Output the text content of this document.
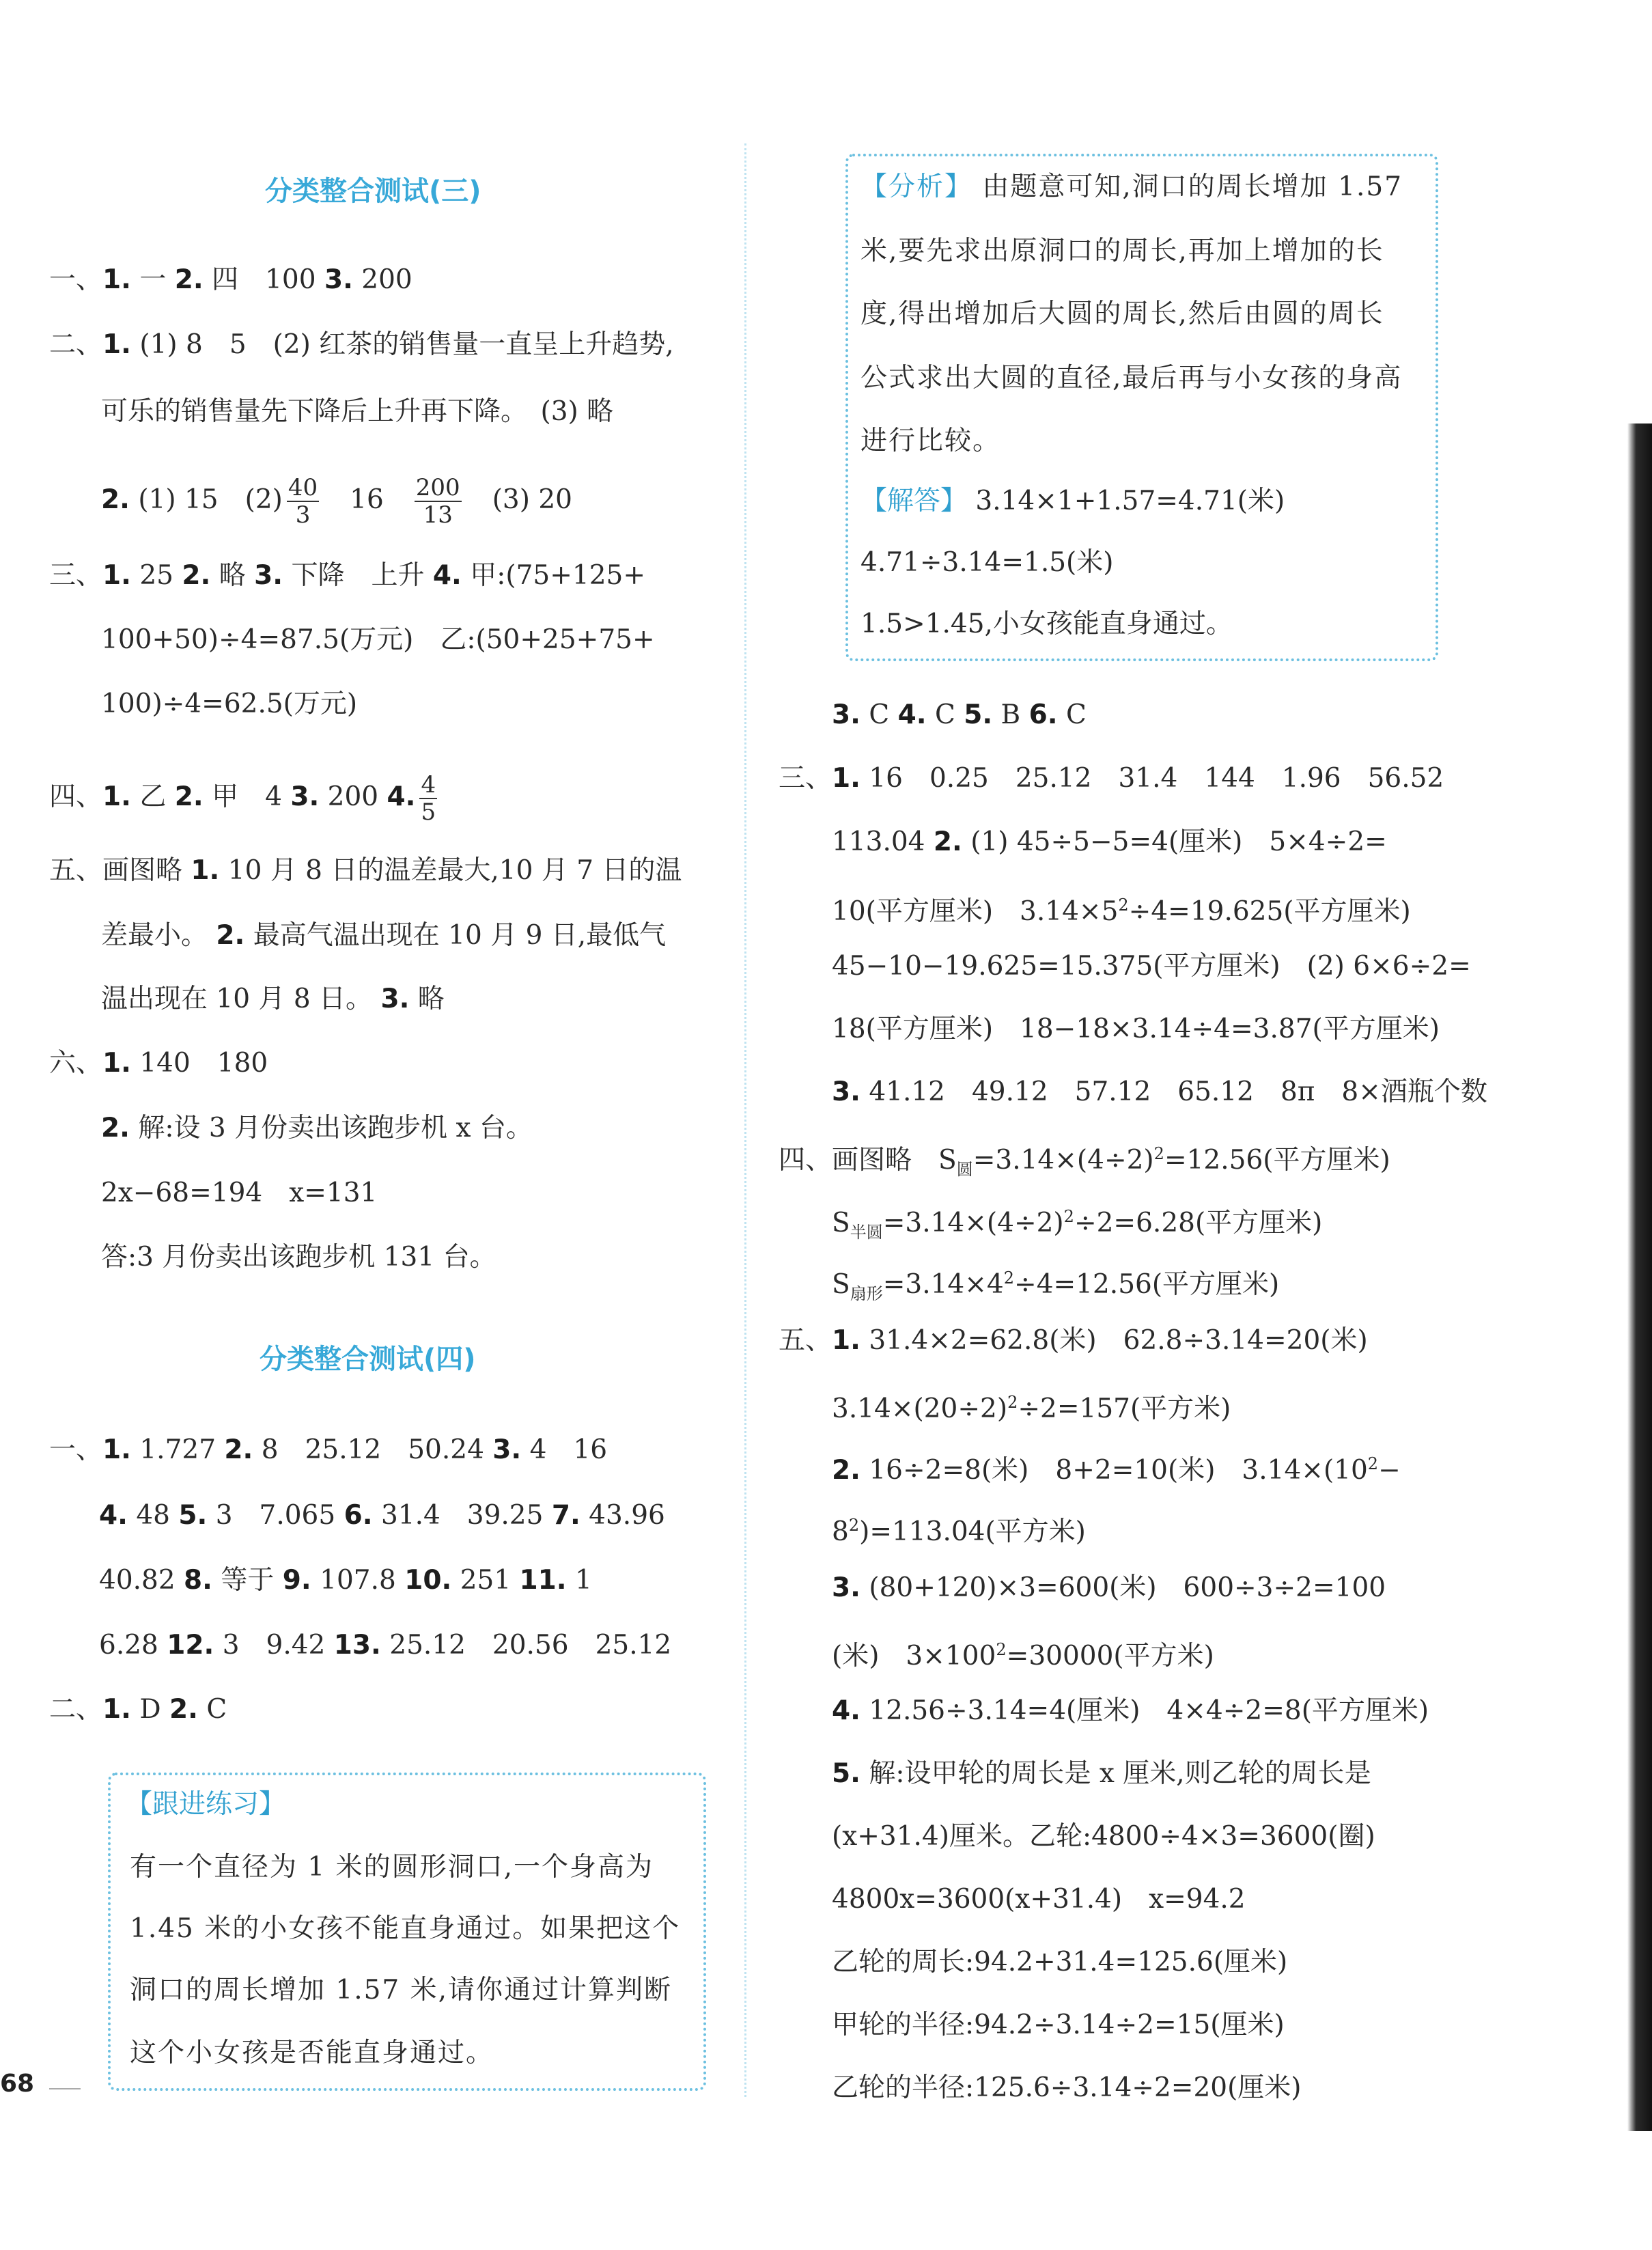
分类整合测试(三)
一、1. 一 2. 四　100 3. 200
二、1. (1) 8　5　(2) 红茶的销售量一直呈上升趋势,
可乐的销售量先下降后上升再下降。　(3) 略
2. (1) 15　$(2) \frac{40}{3}$ 　16　 $\frac{200}{13}$ 　(3) 20
三、1. 25 2. 略 3. 下降　上升 4. 甲:(75+125+
100+50)÷4=87.5(万元)　乙:(50+25+75+
100)÷4=62.5(万元)
四、1. 乙 2. 甲　4 3. 200 4. $\frac{4}{5}$
五、画图略 1. 10 月 8 日的温差最大,10 月 7 日的温
差最小。 2. 最高气温出现在 10 月 9 日,最低气
温出现在 10 月 8 日。 3. 略
六、1. 140　180
2. 解:设 3 月份卖出该跑步机 x 台。
2x−68=194　x=131
答:3 月份卖出该跑步机 131 台。
分类整合测试(四)
一、1. 1.727 2. 8　25.12　50.24 3. 4　16
4. 48 5. 3　7.065 6. 31.4　39.25 7. 43.96
40.82 8. 等于 9. 107.8 10. 251 11. 1
6.28 12. 3　9.42 13. 25.12　20.56　25.12
二、1. D 2. C
【跟进练习】
有一个直径为 1 米的圆形洞口,一个身高为
1.45 米的小女孩不能直身通过。如果把这个
洞口的周长增加 1.57 米,请你通过计算判断
这个小女孩是否能直身通过。
68
【分析】 由题意可知,洞口的周长增加 1.57
米,要先求出原洞口的周长,再加上增加的长
度,得出增加后大圆的周长,然后由圆的周长
公式求出大圆的直径,最后再与小女孩的身高
进行比较。
【解答】 3.14×1+1.57=4.71(米)
4.71÷3.14=1.5(米)
1.5>1.45,小女孩能直身通过。
3. C 4. C 5. B 6. C
三、1. 16　0.25　25.12　31.4　144　1.96　56.52
113.04 2. (1) 45÷5−5=4(厘米)　5×4÷2=
10(平方厘米)　$3.14\times 5^2\div 4=19.625$(平方厘米)
45−10−19.625=15.375(平方厘米)　(2) 6×6÷2=
18(平方厘米)　18−18×3.14÷4=3.87(平方厘米)
3. 41.12　49.12　57.12　65.12　8π　8×酒瓶个数
四、画图略　$S_圆=3.14\times(4\div 2)^2=12.56$(平方厘米)
$S_{半圆}=3.14\times(4\div 2)^2\div 2=6.28$(平方厘米)
$S_{扇形}=3.14\times 4^2\div 4=12.56$(平方厘米)
五、1. 31.4×2=62.8(米)　62.8÷3.14=20(米)
$3.14\times(20\div 2)^2\div 2=157$(平方米)
2. 16÷2=8(米)　8+2=10(米)　$3.14\times(10^2-$
$8^2)=113.04$(平方米)
3. (80+120)×3=600(米)　600÷3÷2=100
(米)　$3\times 100^2=30000$(平方米)
4. 12.56÷3.14=4(厘米)　4×4÷2=8(平方厘米)
5. 解:设甲轮的周长是 x 厘米,则乙轮的周长是
(x+31.4)厘米。乙轮:4800÷4×3=3600(圈)
4800x=3600(x+31.4)　x=94.2
乙轮的周长:94.2+31.4=125.6(厘米)
甲轮的半径:94.2÷3.14÷2=15(厘米)
乙轮的半径:125.6÷3.14÷2=20(厘米)
